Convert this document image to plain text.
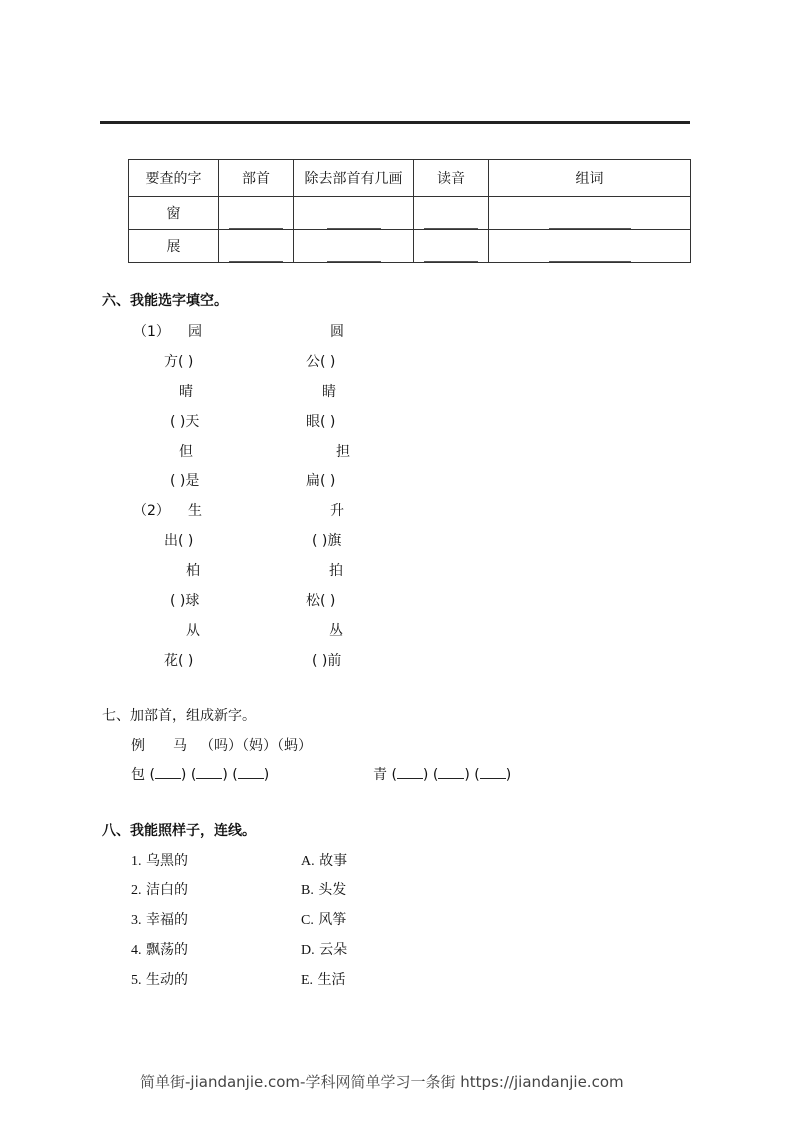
要查的字	部首	除去部首有几画	读音	组词
窗				
展				
六、我能选字填空。
（1） 园	圆
方( )	公( )
晴	睛
( )天	眼( )
但	担
( )是	扁( )
（2） 生	升
出( )	( )旗
柏	拍
( )球	松( )
从	丛
花( )	( )前
七、加部首，组成新字。
例 马 （吗）（妈）（蚂）
包 ( ) ( ) ( )	青 ( ) ( ) ( )
八、我能照样子，连线。
1. 乌黑的
2. 洁白的
3. 幸福的
4. 飘荡的
5. 生动的
A. 故事
B. 头发
C. 风筝
D. 云朵
E. 生活
简单街-jiandanjie.com-学科网简单学习一条街 https://jiandanjie.com
